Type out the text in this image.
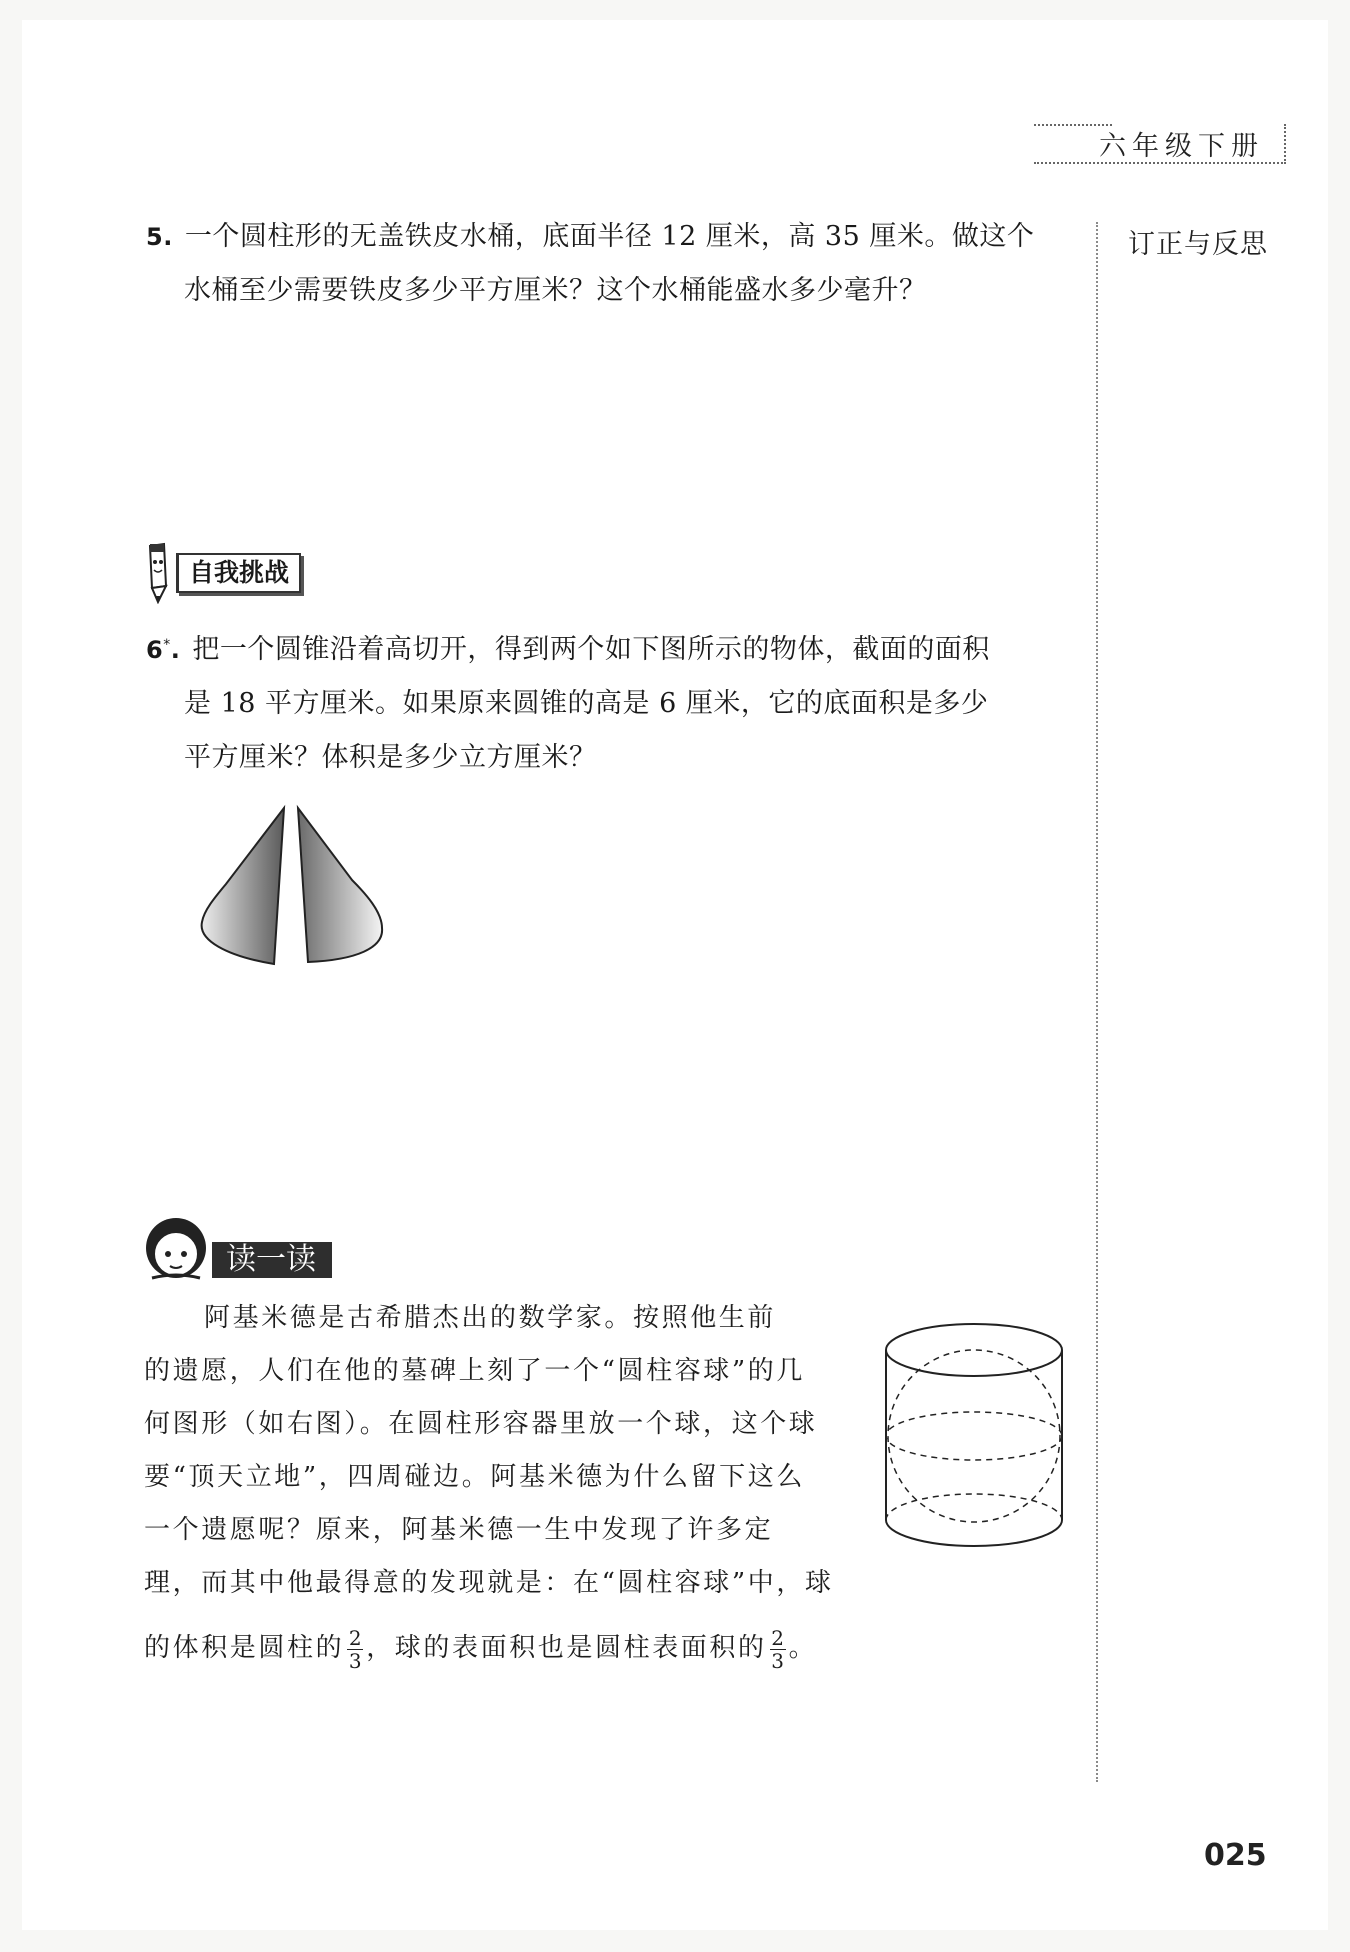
六年级下册
订正与反思
5. 一个圆柱形的无盖铁皮水桶，底面半径 12 厘米，高 35 厘米。做这个
水桶至少需要铁皮多少平方厘米？这个水桶能盛水多少毫升？
自我挑战
6*. 把一个圆锥沿着高切开，得到两个如下图所示的物体，截面的面积
是 18 平方厘米。如果原来圆锥的高是 6 厘米，它的底面积是多少
平方厘米？体积是多少立方厘米？
读一读

阿基米德是古希腊杰出的数学家。按照他生前

的遗愿，人们在他的墓碑上刻了一个“圆柱容球”的几

何图形（如右图）。在圆柱形容器里放一个球，这个球

要“顶天立地”，四周碰边。阿基米德为什么留下这么

一个遗愿呢？原来，阿基米德一生中发现了许多定

理，而其中他最得意的发现就是：在“圆柱容球”中，球

的体积是圆柱的 $\frac{2}{3}$ ，球的表面积也是圆柱表面积的 $\frac{2}{3}$ 。

025
